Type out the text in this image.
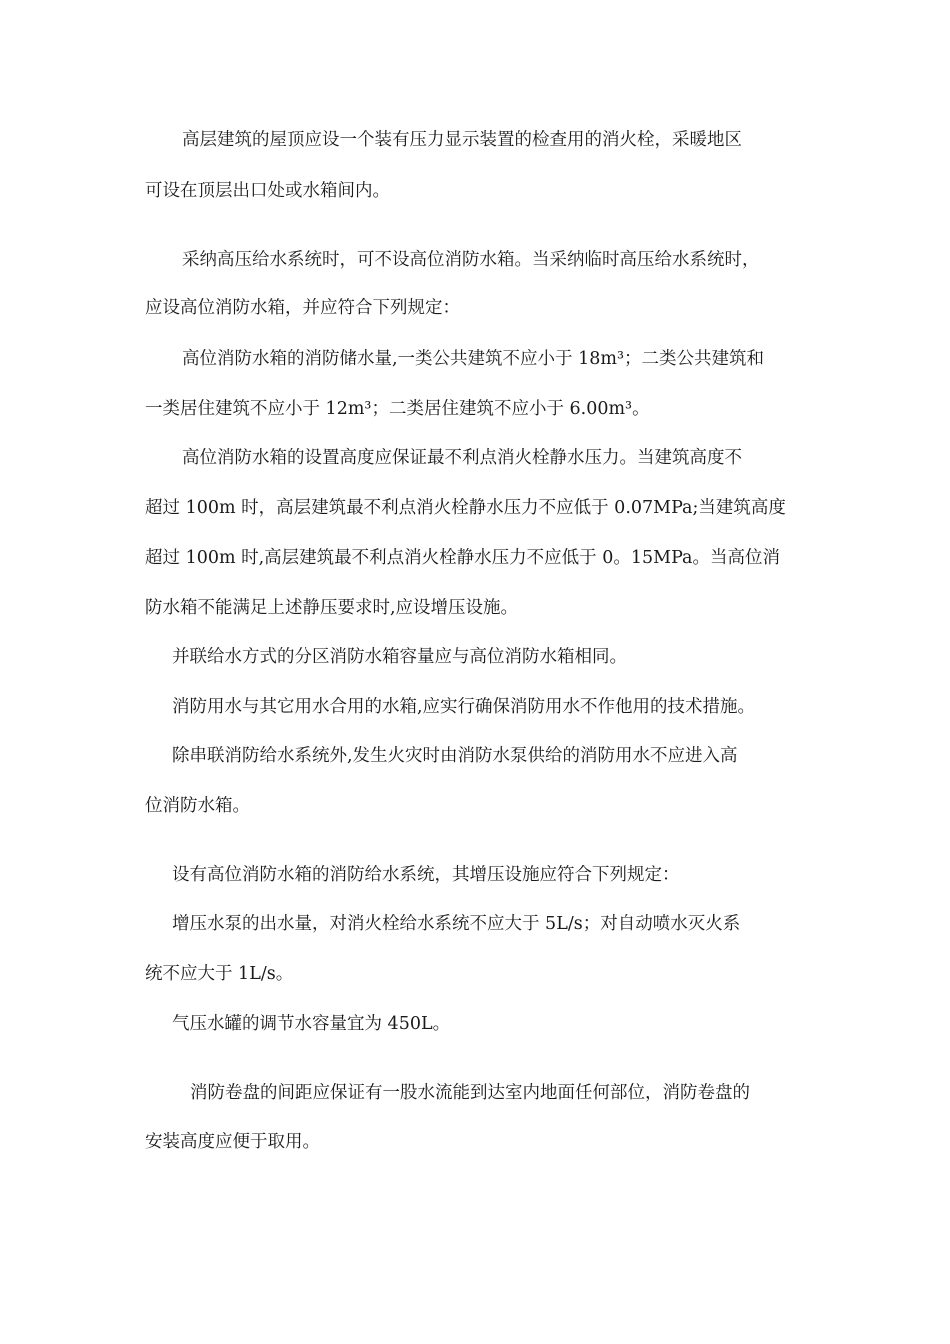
高层建筑的屋顶应设一个装有压力显示装置的检查用的消火栓，采暖地区
可设在顶层出口处或水箱间内。
采纳高压给水系统时，可不设高位消防水箱。当采纳临时高压给水系统时，
应设高位消防水箱，并应符合下列规定：
高位消防水箱的消防储水量,一类公共建筑不应小于 18m³；二类公共建筑和
一类居住建筑不应小于 12m³；二类居住建筑不应小于 6.00m³。
高位消防水箱的设置高度应保证最不利点消火栓静水压力。当建筑高度不
超过 100m 时，高层建筑最不利点消火栓静水压力不应低于 0.07MPa;当建筑高度
超过 100m 时,高层建筑最不利点消火栓静水压力不应低于 0。15MPa。当高位消
防水箱不能满足上述静压要求时,应设增压设施。
并联给水方式的分区消防水箱容量应与高位消防水箱相同。
消防用水与其它用水合用的水箱,应实行确保消防用水不作他用的技术措施。
除串联消防给水系统外,发生火灾时由消防水泵供给的消防用水不应进入高
位消防水箱。
设有高位消防水箱的消防给水系统，其增压设施应符合下列规定：
增压水泵的出水量，对消火栓给水系统不应大于 5L/s；对自动喷水灭火系
统不应大于 1L/s。
气压水罐的调节水容量宜为 450L。
消防卷盘的间距应保证有一股水流能到达室内地面任何部位，消防卷盘的
安装高度应便于取用。
